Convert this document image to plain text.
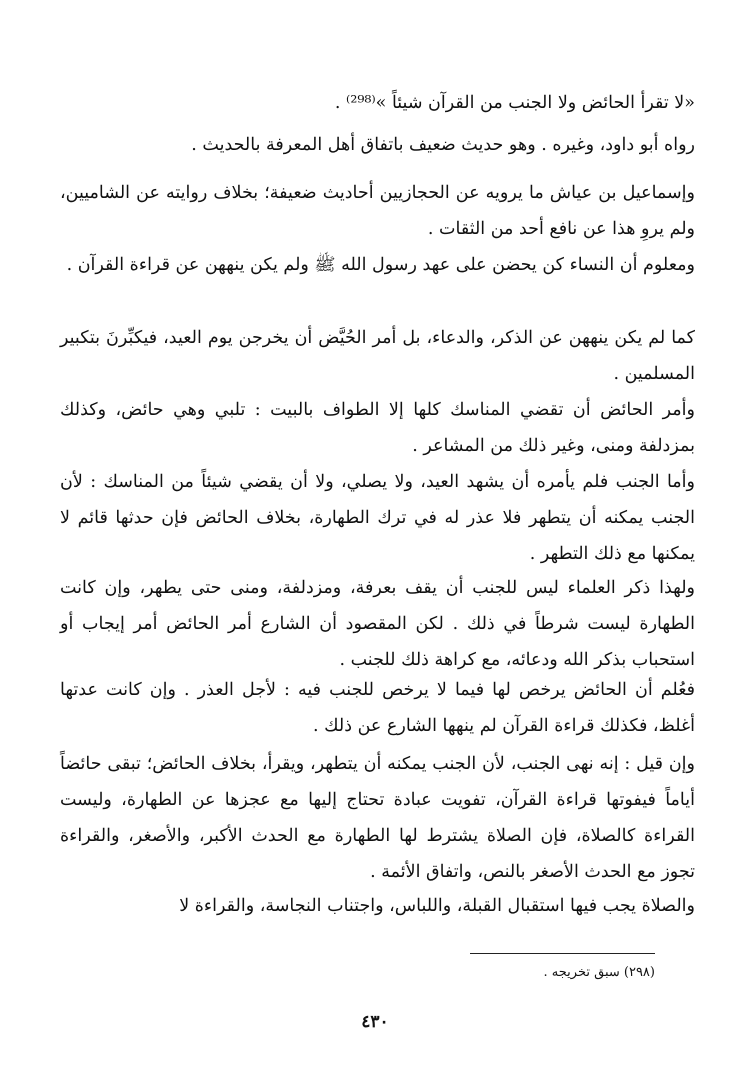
«لا تقرأ الحائض ولا الجنب من القرآن شيئاً »⁽²⁹⁸⁾ .

رواه أبو داود، وغيره . وهو حديث ضعيف باتفاق أهل المعرفة بالحديث .

وإسماعيل بن عياش ما يرويه عن الحجازيين أحاديث ضعيفة؛ بخلاف روايته عن الشاميين، ولم يروِ هذا عن نافع أحد من الثقات .

ومعلوم أن النساء كن يحضن على عهد رسول الله ﷺ ولم يكن ينههن عن قراءة القرآن .

كما لم يكن ينههن عن الذكر، والدعاء، بل أمر الحُيَّض أن يخرجن يوم العيد، فيكبِّرنَ بتكبير المسلمين .

وأمر الحائض أن تقضي المناسك كلها إلا الطواف بالبيت : تلبي وهي حائض، وكذلك بمزدلفة ومنى، وغير ذلك من المشاعر .

وأما الجنب فلم يأمره أن يشهد العيد، ولا يصلي، ولا أن يقضي شيئاً من المناسك : لأن الجنب يمكنه أن يتطهر فلا عذر له في ترك الطهارة، بخلاف الحائض فإن حدثها قائم لا يمكنها مع ذلك التطهر .

ولهذا ذكر العلماء ليس للجنب أن يقف بعرفة، ومزدلفة، ومنى حتى يطهر، وإن كانت الطهارة ليست شرطاً في ذلك . لكن المقصود أن الشارع أمر الحائض أمر إيجاب أو استحباب بذكر الله ودعائه، مع كراهة ذلك للجنب .

فعُلم أن الحائض يرخص لها فيما لا يرخص للجنب فيه : لأجل العذر . وإن كانت عدتها أغلظ، فكذلك قراءة القرآن لم ينهها الشارع عن ذلك .

وإن قيل : إنه نهى الجنب، لأن الجنب يمكنه أن يتطهر، ويقرأ، بخلاف الحائض؛ تبقى حائضاً أياماً فيفوتها قراءة القرآن، تفويت عبادة تحتاج إليها مع عجزها عن الطهارة، وليست القراءة كالصلاة، فإن الصلاة يشترط لها الطهارة مع الحدث الأكبر، والأصغر، والقراءة تجوز مع الحدث الأصغر بالنص، واتفاق الأئمة .

والصلاة يجب فيها استقبال القبلة، واللباس، واجتناب النجاسة، والقراءة لا

(٢٩٨) سبق تخريجه .

٤٣٠
